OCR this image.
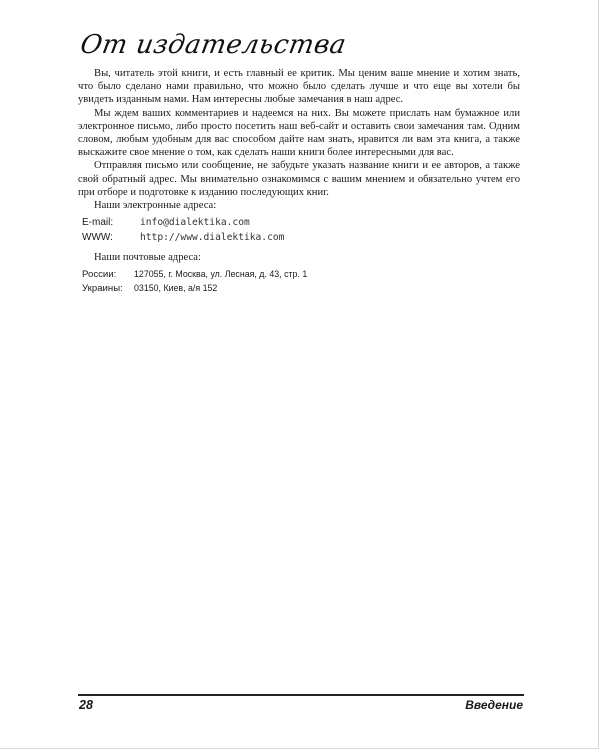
От издательства

Вы, читатель этой книги, и есть главный ее критик. Мы ценим ваше мнение и хотим знать, что было сделано нами правильно, что можно было сделать лучше и что еще вы хотели бы увидеть изданным нами. Нам интересны любые замечания в наш адрес.

Мы ждем ваших комментариев и надеемся на них. Вы можете прислать нам бумажное или электронное письмо, либо просто посетить наш веб-сайт и оставить свои замечания там. Одним словом, любым удобным для вас способом дайте нам знать, нравится ли вам эта книга, а также выскажите свое мнение о том, как сделать наши книги более интересными для вас.

Отправляя письмо или сообщение, не забудьте указать название книги и ее авторов, а также свой обратный адрес. Мы внимательно ознакомимся с вашим мнением и обязательно учтем его при отборе и подготовке к изданию последующих книг.

Наши электронные адреса:
E-mail:	info@dialektika.com
WWW:	http://www.dialektika.com
Наши почтовые адреса:
России:	127055, г. Москва, ул. Лесная, д. 43, стр. 1
Украины:	03150, Киев, а/я 152
28	Введение
